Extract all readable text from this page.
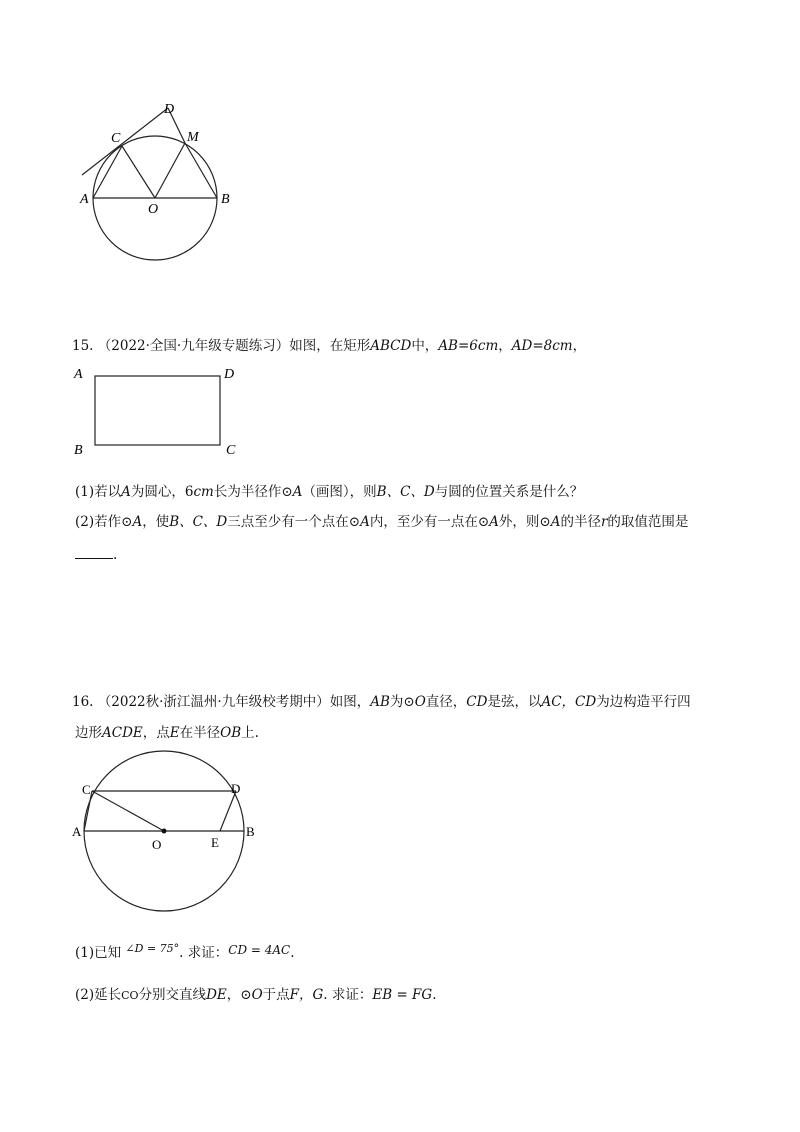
A	B
C
D
M
O
15. （2022·全国·九年级专题练习）如图，在矩形ABCD中，AB=6cm，AD=8cm，
A	D
B	C
(1)若以A为圆心，6cm长为半径作⊙A（画图），则B、C、D与圆的位置关系是什么？
(2)若作⊙A，使B、C、D三点至少有一个点在⊙A内，至少有一点在⊙A外，则⊙A的半径r的取值范围是
.
16. （2022秋·浙江温州·九年级校考期中）如图，AB为⊙O直径，CD是弦，以AC，CD为边构造平行四
边形ACDE，点E在半径OB上.
C	D
A	B
O	E
(1)已知 $^{\angle D = 75^\circ}$. 求证：CD = 4AC.
(2)延长CO分别交直线DE，⊙O于点F，G. 求证：EB = FG.
